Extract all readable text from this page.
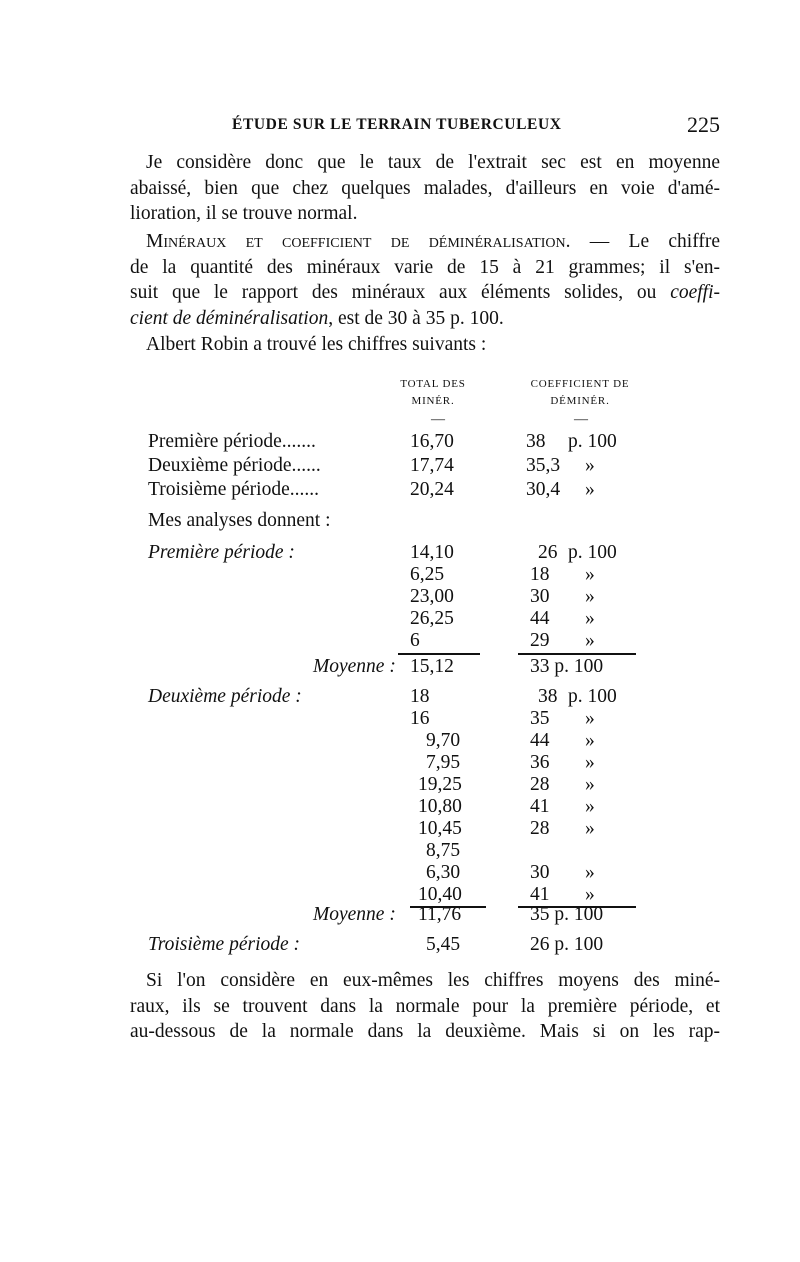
ÉTUDE SUR LE TERRAIN TUBERCULEUX	225
Je considère donc que le taux de l'extrait sec est en moyenne
abaissé, bien que chez quelques malades, d'ailleurs en voie d'amé-
lioration, il se trouve normal.
Minéraux et coefficient de déminéralisation. — Le chiffre
de la quantité des minéraux varie de 15 à 21 grammes; il s'en-
suit que le rapport des minéraux aux éléments solides, ou coeffi-
cient de déminéralisation, est de 30 à 35 p. 100.
Albert Robin a trouvé les chiffres suivants :
TOTAL DES
MINÉR.
COEFFICIENT DE
DÉMINÉR.
—	—
Première période.......	16,70	38 p. 100
Deuxième période......	17,74	35,3 »
Troisième période......	20,24	30,4 »
Mes analyses donnent :
Première période :	14,10	26 p. 100
6,25	18 »
23,00	30 »
26,25	44 »
6	29 »
Moyenne : 15,12	33 p. 100
Deuxième période :	18	38 p. 100
16	35 »
9,70	44 »
7,95	36 »
19,25	28 »
10,80	41 »
10,45	28 »
8,75
6,30	30 »
10,40	41 »
Moyenne : 11,76	35 p. 100
Troisième période :	5,45	26 p. 100
Si l'on considère en eux-mêmes les chiffres moyens des miné-
raux, ils se trouvent dans la normale pour la première période, et
au-dessous de la normale dans la deuxième. Mais si on les rap-
